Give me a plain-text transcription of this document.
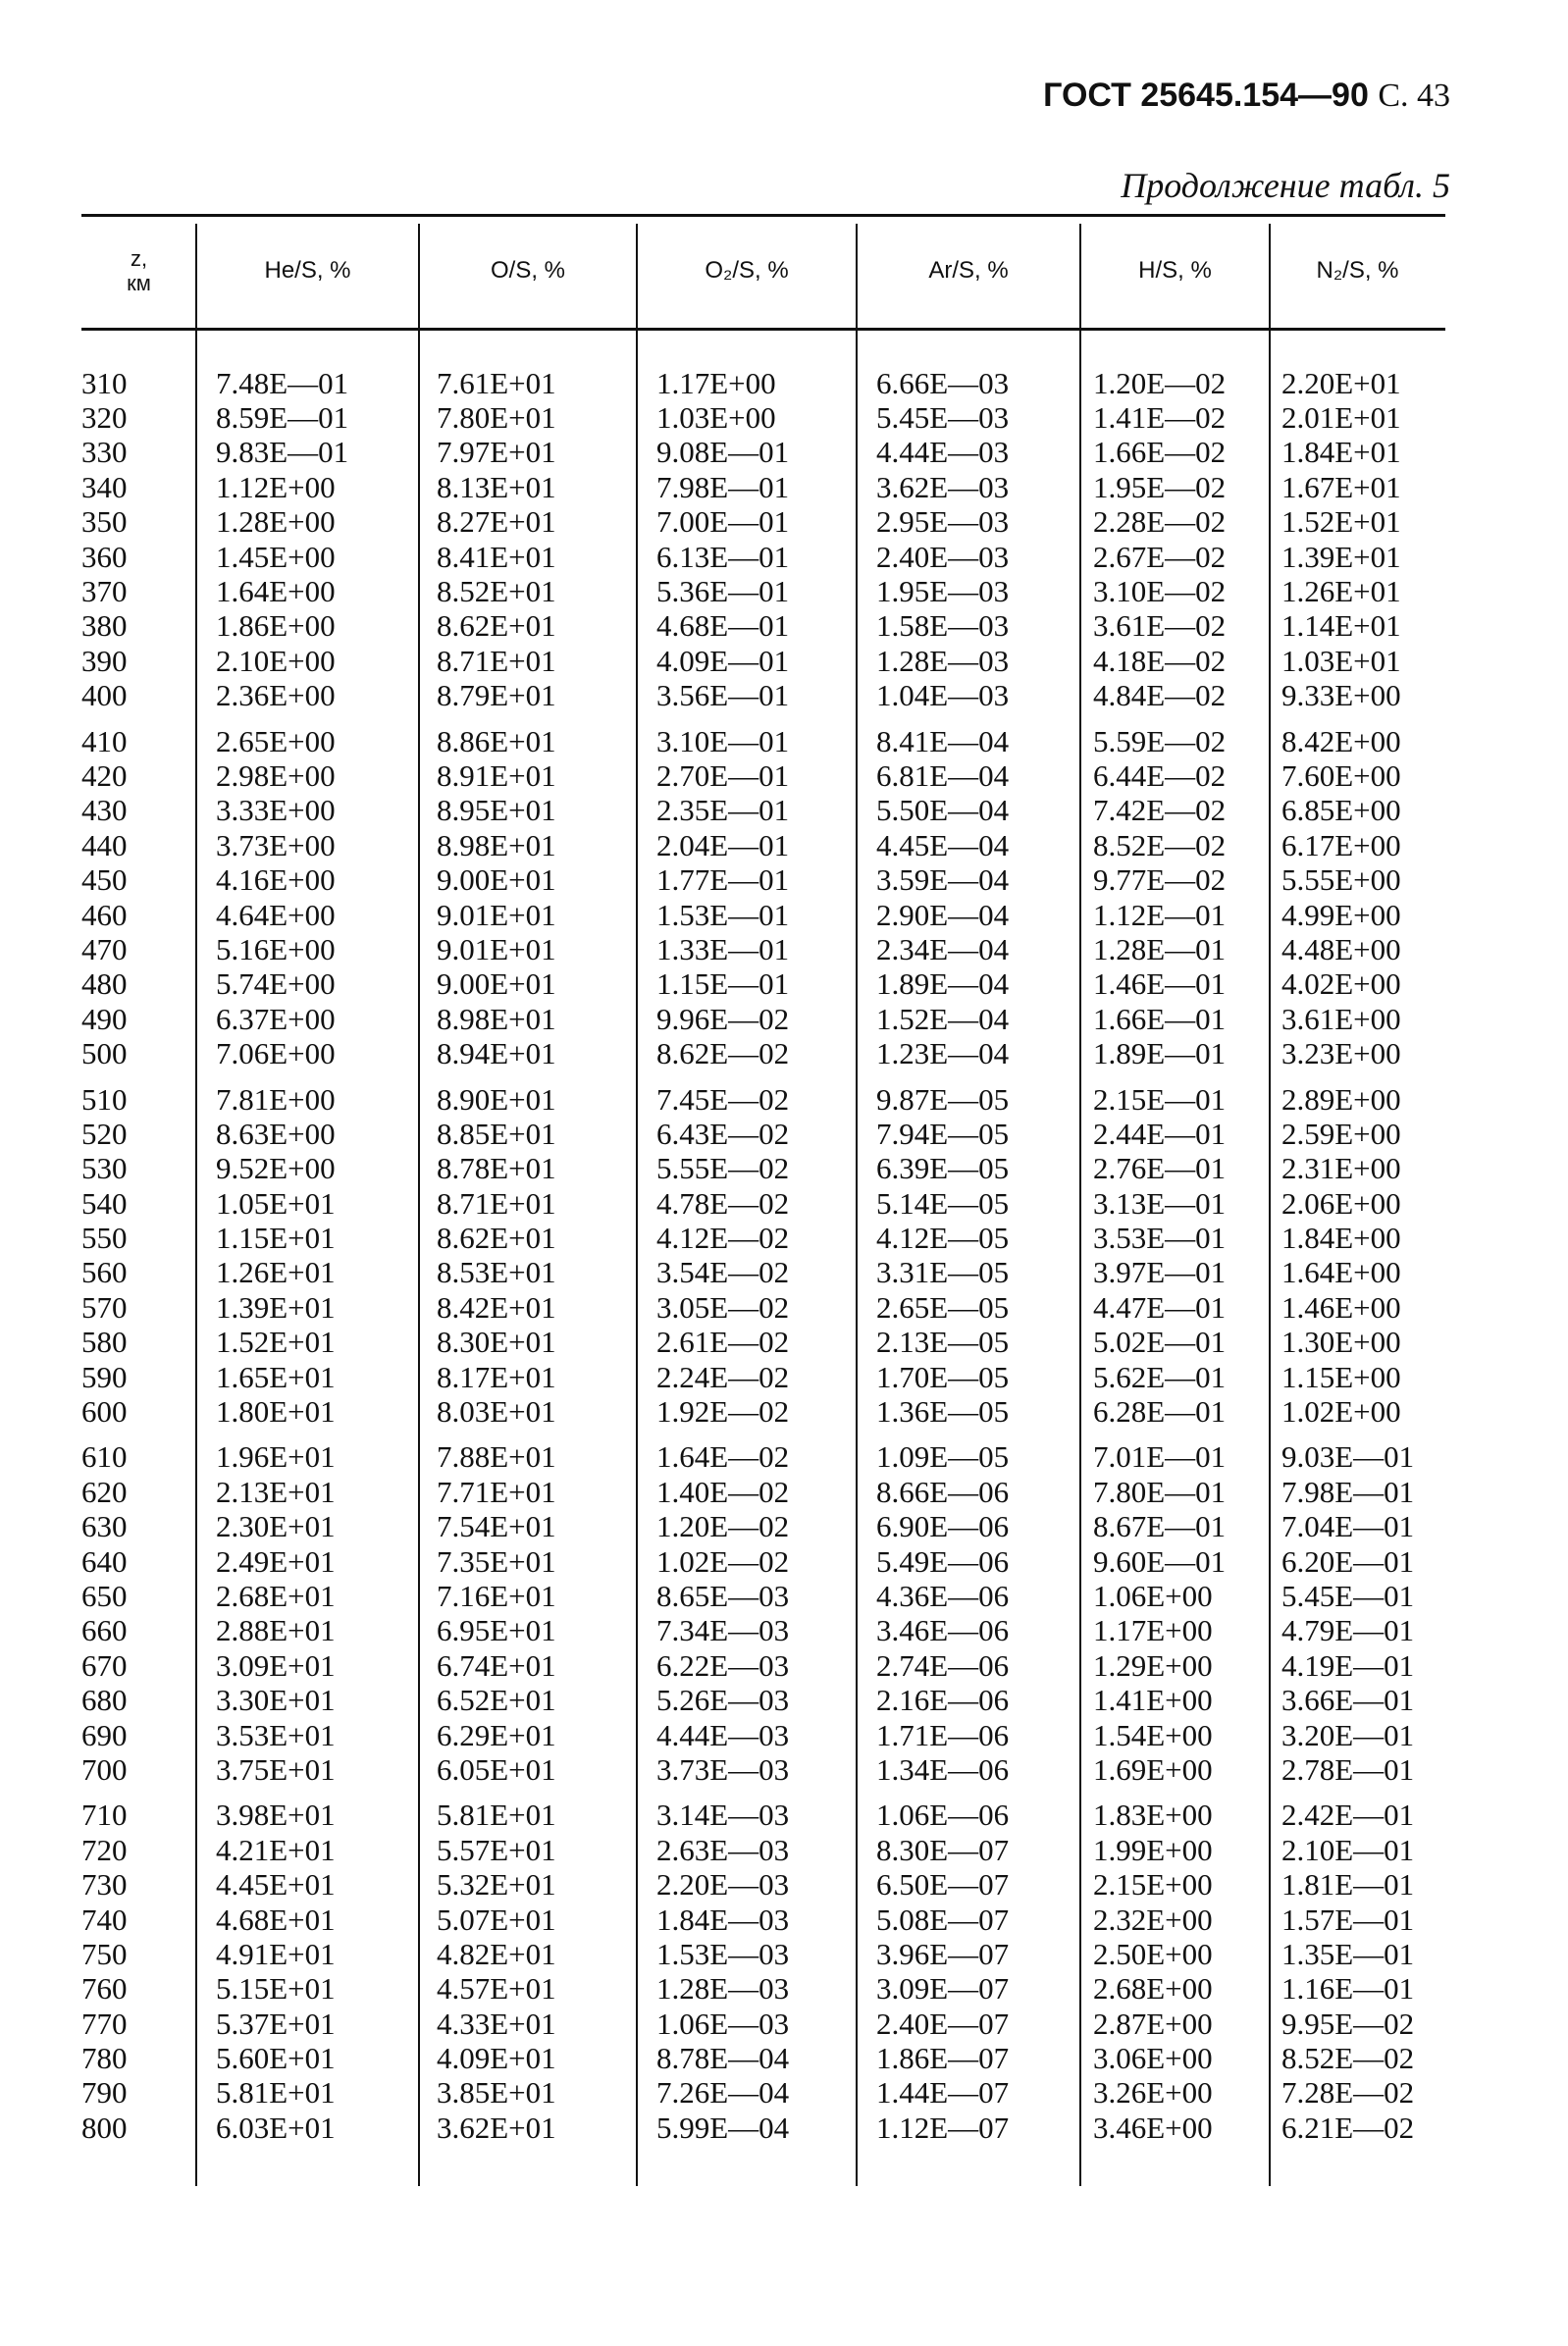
ГОСТ 25645.154—90 С. 43
Продолжение табл. 5
z,
км	He/S, %	O/S, %	O₂/S, %	Ar/S, %	H/S, %	N₂/S, %
310	7.48E—01	7.61E+01	1.17E+00	6.66E—03	1.20E—02	2.20E+01
320	8.59E—01	7.80E+01	1.03E+00	5.45E—03	1.41E—02	2.01E+01
330	9.83E—01	7.97E+01	9.08E—01	4.44E—03	1.66E—02	1.84E+01
340	1.12E+00	8.13E+01	7.98E—01	3.62E—03	1.95E—02	1.67E+01
350	1.28E+00	8.27E+01	7.00E—01	2.95E—03	2.28E—02	1.52E+01
360	1.45E+00	8.41E+01	6.13E—01	2.40E—03	2.67E—02	1.39E+01
370	1.64E+00	8.52E+01	5.36E—01	1.95E—03	3.10E—02	1.26E+01
380	1.86E+00	8.62E+01	4.68E—01	1.58E—03	3.61E—02	1.14E+01
390	2.10E+00	8.71E+01	4.09E—01	1.28E—03	4.18E—02	1.03E+01
400	2.36E+00	8.79E+01	3.56E—01	1.04E—03	4.84E—02	9.33E+00
410	2.65E+00	8.86E+01	3.10E—01	8.41E—04	5.59E—02	8.42E+00
420	2.98E+00	8.91E+01	2.70E—01	6.81E—04	6.44E—02	7.60E+00
430	3.33E+00	8.95E+01	2.35E—01	5.50E—04	7.42E—02	6.85E+00
440	3.73E+00	8.98E+01	2.04E—01	4.45E—04	8.52E—02	6.17E+00
450	4.16E+00	9.00E+01	1.77E—01	3.59E—04	9.77E—02	5.55E+00
460	4.64E+00	9.01E+01	1.53E—01	2.90E—04	1.12E—01	4.99E+00
470	5.16E+00	9.01E+01	1.33E—01	2.34E—04	1.28E—01	4.48E+00
480	5.74E+00	9.00E+01	1.15E—01	1.89E—04	1.46E—01	4.02E+00
490	6.37E+00	8.98E+01	9.96E—02	1.52E—04	1.66E—01	3.61E+00
500	7.06E+00	8.94E+01	8.62E—02	1.23E—04	1.89E—01	3.23E+00
510	7.81E+00	8.90E+01	7.45E—02	9.87E—05	2.15E—01	2.89E+00
520	8.63E+00	8.85E+01	6.43E—02	7.94E—05	2.44E—01	2.59E+00
530	9.52E+00	8.78E+01	5.55E—02	6.39E—05	2.76E—01	2.31E+00
540	1.05E+01	8.71E+01	4.78E—02	5.14E—05	3.13E—01	2.06E+00
550	1.15E+01	8.62E+01	4.12E—02	4.12E—05	3.53E—01	1.84E+00
560	1.26E+01	8.53E+01	3.54E—02	3.31E—05	3.97E—01	1.64E+00
570	1.39E+01	8.42E+01	3.05E—02	2.65E—05	4.47E—01	1.46E+00
580	1.52E+01	8.30E+01	2.61E—02	2.13E—05	5.02E—01	1.30E+00
590	1.65E+01	8.17E+01	2.24E—02	1.70E—05	5.62E—01	1.15E+00
600	1.80E+01	8.03E+01	1.92E—02	1.36E—05	6.28E—01	1.02E+00
610	1.96E+01	7.88E+01	1.64E—02	1.09E—05	7.01E—01	9.03E—01
620	2.13E+01	7.71E+01	1.40E—02	8.66E—06	7.80E—01	7.98E—01
630	2.30E+01	7.54E+01	1.20E—02	6.90E—06	8.67E—01	7.04E—01
640	2.49E+01	7.35E+01	1.02E—02	5.49E—06	9.60E—01	6.20E—01
650	2.68E+01	7.16E+01	8.65E—03	4.36E—06	1.06E+00	5.45E—01
660	2.88E+01	6.95E+01	7.34E—03	3.46E—06	1.17E+00	4.79E—01
670	3.09E+01	6.74E+01	6.22E—03	2.74E—06	1.29E+00	4.19E—01
680	3.30E+01	6.52E+01	5.26E—03	2.16E—06	1.41E+00	3.66E—01
690	3.53E+01	6.29E+01	4.44E—03	1.71E—06	1.54E+00	3.20E—01
700	3.75E+01	6.05E+01	3.73E—03	1.34E—06	1.69E+00	2.78E—01
710	3.98E+01	5.81E+01	3.14E—03	1.06E—06	1.83E+00	2.42E—01
720	4.21E+01	5.57E+01	2.63E—03	8.30E—07	1.99E+00	2.10E—01
730	4.45E+01	5.32E+01	2.20E—03	6.50E—07	2.15E+00	1.81E—01
740	4.68E+01	5.07E+01	1.84E—03	5.08E—07	2.32E+00	1.57E—01
750	4.91E+01	4.82E+01	1.53E—03	3.96E—07	2.50E+00	1.35E—01
760	5.15E+01	4.57E+01	1.28E—03	3.09E—07	2.68E+00	1.16E—01
770	5.37E+01	4.33E+01	1.06E—03	2.40E—07	2.87E+00	9.95E—02
780	5.60E+01	4.09E+01	8.78E—04	1.86E—07	3.06E+00	8.52E—02
790	5.81E+01	3.85E+01	7.26E—04	1.44E—07	3.26E+00	7.28E—02
800	6.03E+01	3.62E+01	5.99E—04	1.12E—07	3.46E+00	6.21E—02
